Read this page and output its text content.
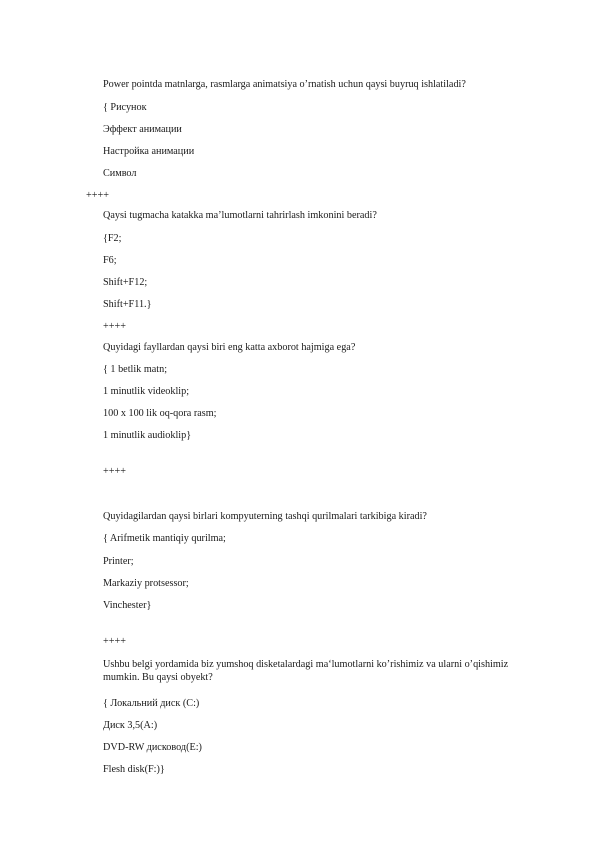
Power pointda matnlarga, rasmlarga animatsiya o’rnatish uchun qaysi buyruq ishlatiladi?
{ Рисунок
Эффект анимации
Настройка анимации
Символ
++++
Qaysi tugmacha katakka ma’lumotlarni tahrirlash imkonini beradi?
{F2;
F6;
Shift+F12;
Shift+F11.}
++++
Quyidagi fayllardan qaysi biri eng katta axborot hajmiga ega?
{ 1 betlik matn;
1 minutlik videoklip;
100 x 100 lik oq-qora rasm;
1 minutlik audioklip}
++++
Quyidagilardan qaysi birlari kompyuterning tashqi qurilmalari tarkibiga kiradi?
{ Arifmetik mantiqiy qurilma;
Printer;
Markaziy protsessor;
Vinchester}
++++
Ushbu belgi yordamida biz yumshoq disketalardagi ma‘lumotlarni ko’rishimiz va ularni o’qishimiz mumkin. Bu qaysi obyekt?
{ Локальний диск (C:)
Диск 3,5(A:)
DVD-RW дисковод(E:)
Flesh disk(F:)}
